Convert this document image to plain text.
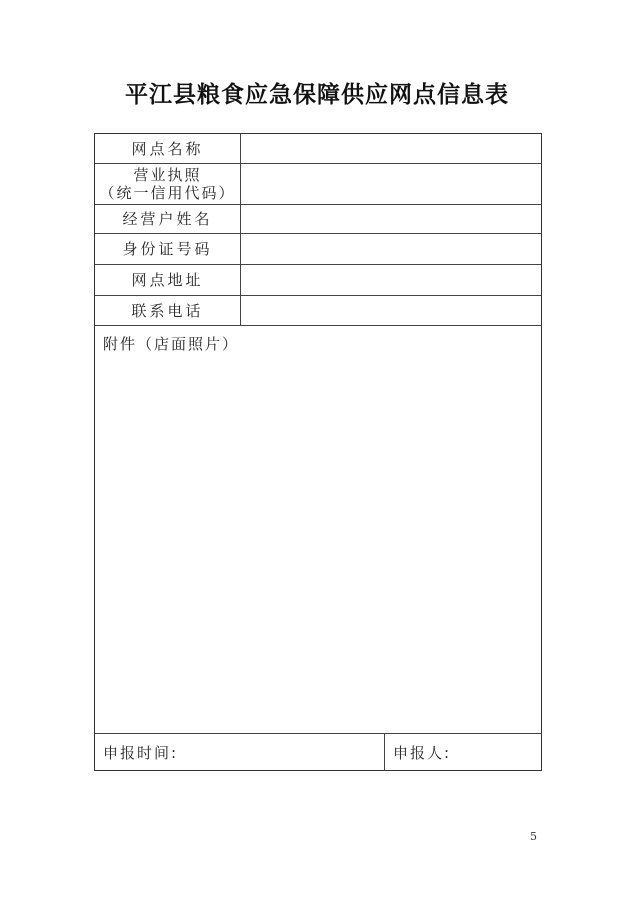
平江县粮食应急保障供应网点信息表
网点名称
营业执照
（统一信用代码）
经营户姓名
身份证号码
网点地址
联系电话
附件（店面照片）
申报时间:	申报人:
5
